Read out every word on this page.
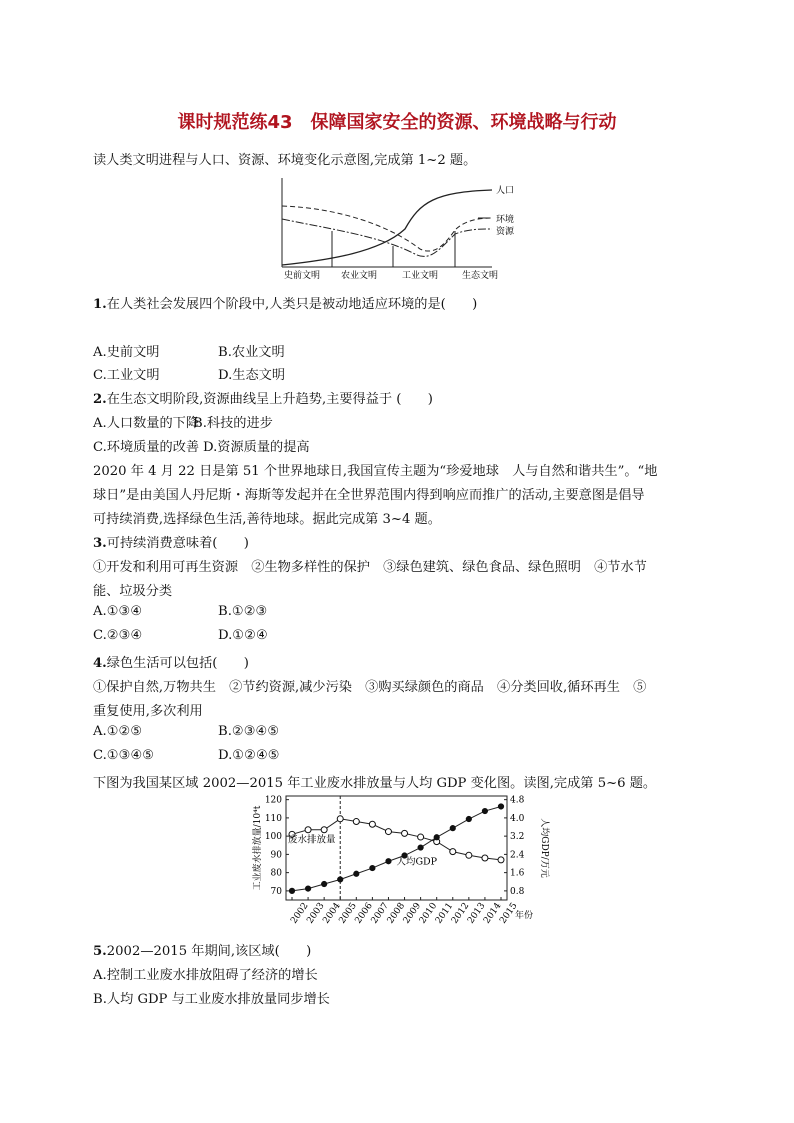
课时规范练43　保障国家安全的资源、环境战略与行动
读人类文明进程与人口、资源、环境变化示意图,完成第 1~2 题。
人口
环境
资源
史前文明 农业文明	工业文明	生态文明
1.在人类社会发展四个阶段中,人类只是被动地适应环境的是(　　)
A.史前文明	B.农业文明
C.工业文明	D.生态文明
2.在生态文明阶段,资源曲线呈上升趋势,主要得益于 (　　)
A.人口数量的下降B.科技的进步
C.环境质量的改善 D.资源质量的提高
2020 年 4 月 22 日是第 51 个世界地球日,我国宣传主题为“珍爱地球　人与自然和谐共生”。“地
球日”是由美国人丹尼斯・海斯等发起并在全世界范围内得到响应而推广的活动,主要意图是倡导
可持续消费,选择绿色生活,善待地球。据此完成第 3~4 题。
3.可持续消费意味着(　　)
①开发和利用可再生资源　②生物多样性的保护　③绿色建筑、绿色食品、绿色照明　④节水节
能、垃圾分类
A.①③④	B.①②③
C.②③④	D.①②④
4.绿色生活可以包括(　　)
①保护自然,万物共生　②节约资源,减少污染　③购买绿颜色的商品　④分类回收,循环再生　⑤
重复使用,多次利用
A.①②⑤	B.②③④⑤
C.①③④⑤	D.①②④⑤
下图为我国某区域 2002—2015 年工业废水排放量与人均 GDP 变化图。读图,完成第 5~6 题。
70
80
90
100
110
120
0.8
1.6
2.4
3.2
4.0
4.8
2002
2003
2004
2005
2006
2007
2008
2009
2010
2011
2012
2013
2014
2015
年份
工业废水排放量/10⁴t	人均GDP/万元
废水排放量
人均GDP
5.2002—2015 年期间,该区域(　　)
A.控制工业废水排放阻碍了经济的增长
B.人均 GDP 与工业废水排放量同步增长
